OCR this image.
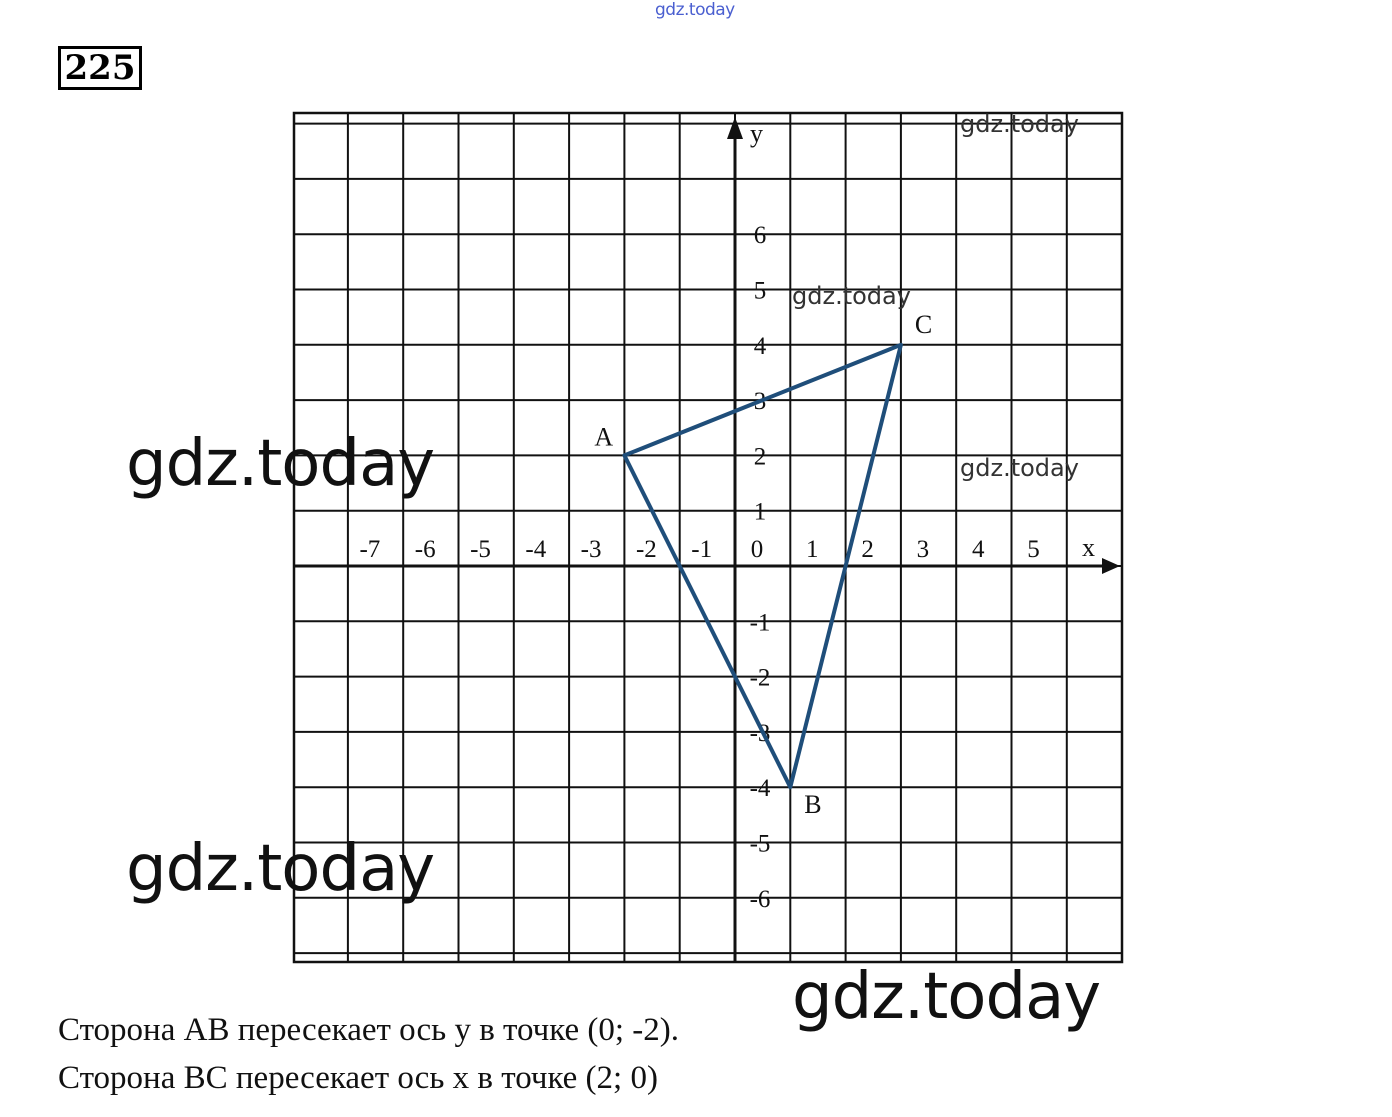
gdz.today
225
x
y
-7 -6 -5 -4 -3 -2 -1 0 1 2 3 4 5
6
5
4
3
2
1
-1
-2
-3
-4
-5
-6
A
B
C
gdz.today
gdz.today
gdz.today
gdz.today
gdz.today
gdz.today
Сторона АВ пересекает ось y в точке (0; -2).
Сторона ВС пересекает ось x в точке (2; 0)
